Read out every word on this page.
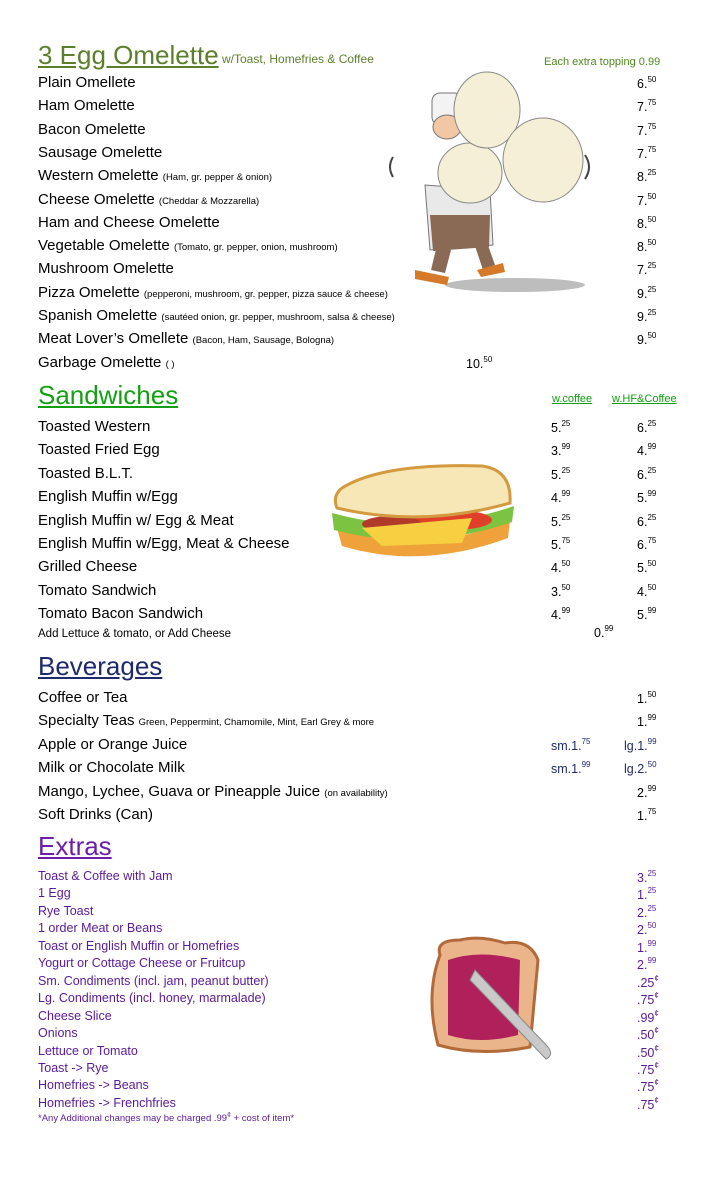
3 Egg Omelette w/Toast, Homefries & Coffee	Each extra topping 0.99
Plain Omellete	6.50
Ham Omelette	7.75
Bacon Omelette	7.75
Sausage Omelette	7.75
Western Omelette (Ham, gr. pepper & onion)	8.25
Cheese Omelette (Cheddar & Mozzarella)	7.50
Ham and Cheese Omelette	8.50
Vegetable Omelette (Tomato, gr. pepper, onion, mushroom)	8.50
Mushroom Omelette	7.25
Pizza Omelette (pepperoni, mushroom, gr. pepper, pizza sauce & cheese)	9.25
Spanish Omelette (sautéed onion, gr. pepper, mushroom, salsa & cheese)	9.25
Meat Lover’s Omellete (Bacon, Ham, Sausage, Bologna)	9.50
Garbage Omelette ( )	10.50
Sandwiches	w.coffee w.HF&Coffee
Toasted Western	5.25	6.25
Toasted Fried Egg	3.99	4.99
Toasted B.L.T.	5.25	6.25
English Muffin w/Egg	4.99	5.99
English Muffin w/ Egg & Meat	5.25	6.25
English Muffin w/Egg, Meat & Cheese	5.75	6.75
Grilled Cheese	4.50	5.50
Tomato Sandwich	3.50	4.50
Tomato Bacon Sandwich	4.99	5.99
Add Lettuce & tomato, or Add Cheese	0.99
Beverages
Coffee or Tea	1.50
Specialty Teas Green, Peppermint, Chamomile, Mint, Earl Grey & more	1.99
Apple or Orange Juice	sm.1.75	lg.1.99
Milk or Chocolate Milk	sm.1.99	lg.2.50
Mango, Lychee, Guava or Pineapple Juice (on availability)	2.99
Soft Drinks (Can)	1.75
Extras
Toast & Coffee with Jam	3.25
1 Egg	1.25
Rye Toast	2.25
1 order Meat or Beans	2.50
Toast or English Muffin or Homefries	1.99
Yogurt or Cottage Cheese or Fruitcup	2.99
Sm. Condiments (incl. jam, peanut butter)	.25¢
Lg. Condiments (incl. honey, marmalade)	.75¢
Cheese Slice	.99¢
Onions	.50¢
Lettuce or Tomato	.50¢
Toast -> Rye	.75¢
Homefries -> Beans	.75¢
Homefries -> Frenchfries	.75¢
*Any Additional changes may be charged .99¢ + cost of item*
